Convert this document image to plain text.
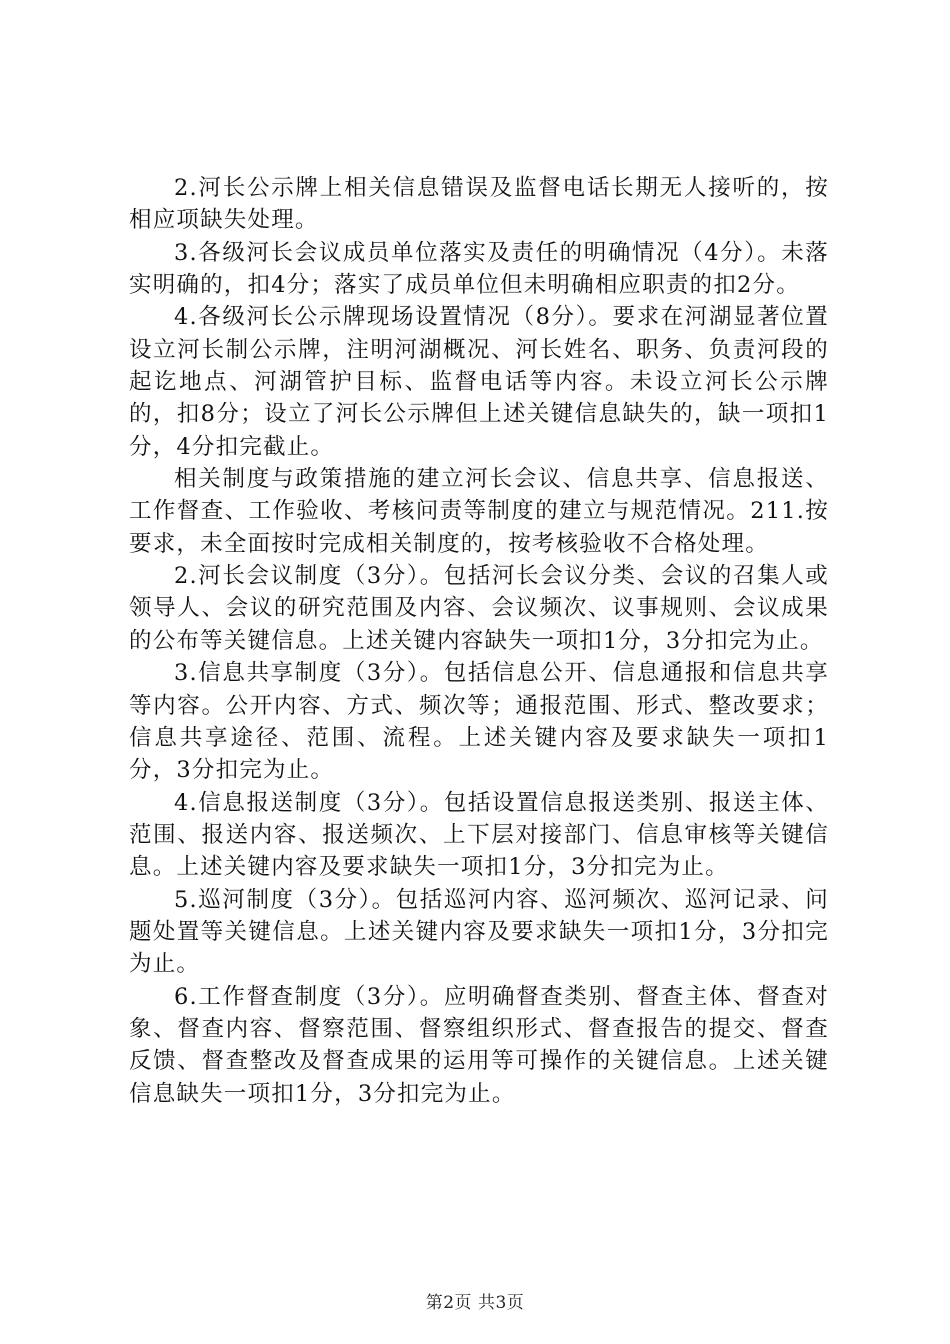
2.河长公示牌上相关信息错误及监督电话长期无人接听的，按相应项缺失处理。

3.各级河长会议成员单位落实及责任的明确情况（4分）。未落实明确的，扣4分；落实了成员单位但未明确相应职责的扣2分。

4.各级河长公示牌现场设置情况（8分）。要求在河湖显著位置设立河长制公示牌，注明河湖概况、河长姓名、职务、负责河段的起讫地点、河湖管护目标、监督电话等内容。未设立河长公示牌的，扣8分；设立了河长公示牌但上述关键信息缺失的，缺一项扣1分，4分扣完截止。

相关制度与政策措施的建立河长会议、信息共享、信息报送、工作督查、工作验收、考核问责等制度的建立与规范情况。211.按要求，未全面按时完成相关制度的，按考核验收不合格处理。

2.河长会议制度（3分）。包括河长会议分类、会议的召集人或领导人、会议的研究范围及内容、会议频次、议事规则、会议成果的公布等关键信息。上述关键内容缺失一项扣1分，3分扣完为止。

3.信息共享制度（3分）。包括信息公开、信息通报和信息共享等内容。公开内容、方式、频次等；通报范围、形式、整改要求；信息共享途径、范围、流程。上述关键内容及要求缺失一项扣1分，3分扣完为止。

4.信息报送制度（3分）。包括设置信息报送类别、报送主体、范围、报送内容、报送频次、上下层对接部门、信息审核等关键信息。上述关键内容及要求缺失一项扣1分，3分扣完为止。

5.巡河制度（3分）。包括巡河内容、巡河频次、巡河记录、问题处置等关键信息。上述关键内容及要求缺失一项扣1分，3分扣完为止。

6.工作督查制度（3分）。应明确督查类别、督查主体、督查对象、督查内容、督察范围、督察组织形式、督查报告的提交、督查反馈、督查整改及督查成果的运用等可操作的关键信息。上述关键信息缺失一项扣1分，3分扣完为止。

第2页 共3页
